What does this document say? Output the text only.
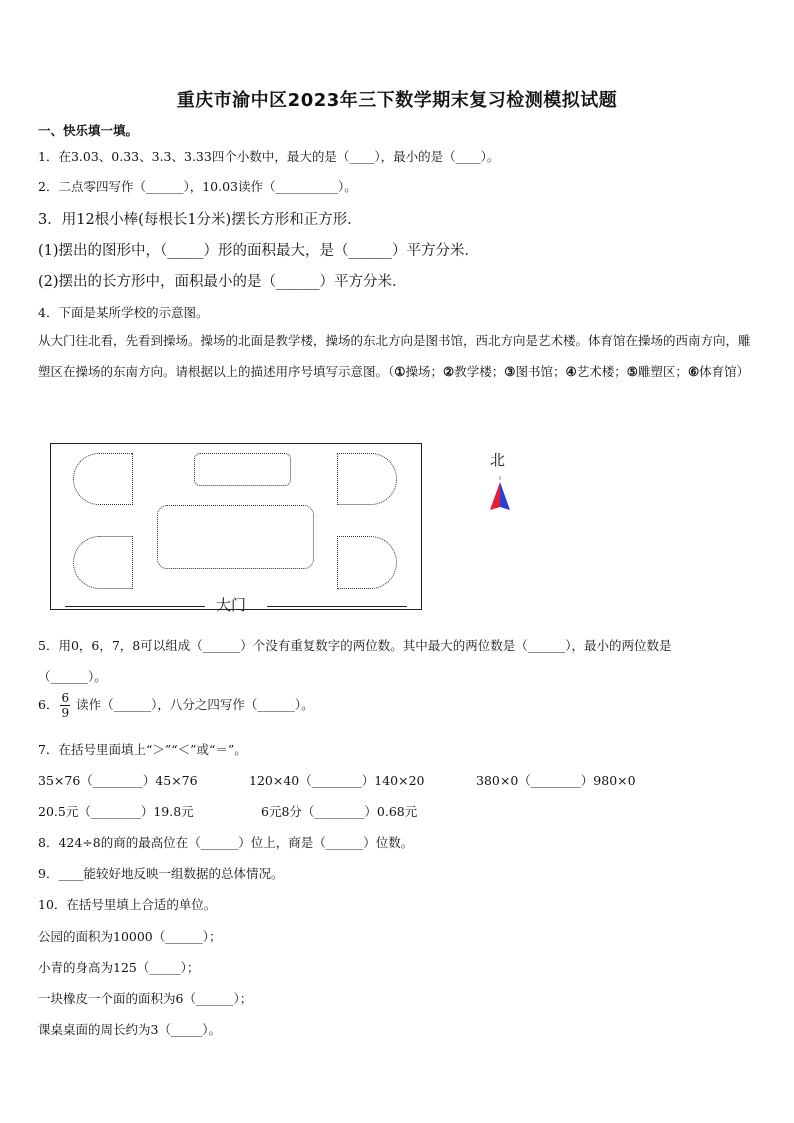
重庆市渝中区2023年三下数学期末复习检测模拟试题
一、快乐填一填。
1．在3.03、0.33、3.3、3.33四个小数中，最大的是（____），最小的是（____）。
2．二点零四写作（______），10.03读作（__________）。
3．用12根小棒(每根长1分米)摆长方形和正方形．
(1)摆出的图形中，（_____）形的面积最大，是（______）平方分米．
(2)摆出的长方形中，面积最小的是（______）平方分米．
4．下面是某所学校的示意图。
从大门往北看，先看到操场。操场的北面是教学楼，操场的东北方向是图书馆，西北方向是艺术楼。体育馆在操场的西南方向，雕塑区在操场的东南方向。请根据以上的描述用序号填写示意图。（①操场；②教学楼；③图书馆；④艺术楼；⑤雕塑区；⑥体育馆）
大门
北
5．用0，6，7，8可以组成（______）个没有重复数字的两位数。其中最大的两位数是（______），最小的两位数是
（______）。
6． $\frac{6}{9}$ 读作（______），八分之四写作（______）。
7．在括号里面填上“＞”“＜”或“＝”。
35×76（________）45×76	120×40（________）140×20	380×0（________）980×0
20.5元（________）19.8元	6元8分（________）0.68元
8．424÷8的商的最高位在（______）位上，商是（______）位数。
9．____能较好地反映一组数据的总体情况。
10．在括号里填上合适的单位。
公园的面积为10000（______）；
小青的身高为125（_____）；
一块橡皮一个面的面积为6（______）；
课桌桌面的周长约为3（_____）。
